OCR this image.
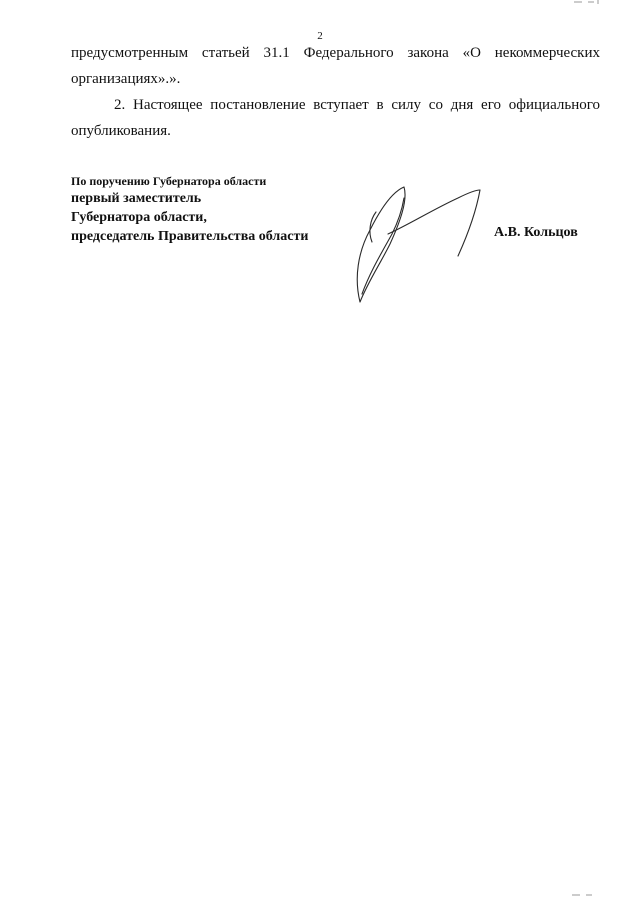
2
предусмотренным статьей 31.1 Федерального закона «О некоммерческих организациях».».
2. Настоящее постановление вступает в силу со дня его официального опубликования.
По поручению Губернатора области
первый заместитель
Губернатора области,
председатель Правительства области	А.В. Кольцов
